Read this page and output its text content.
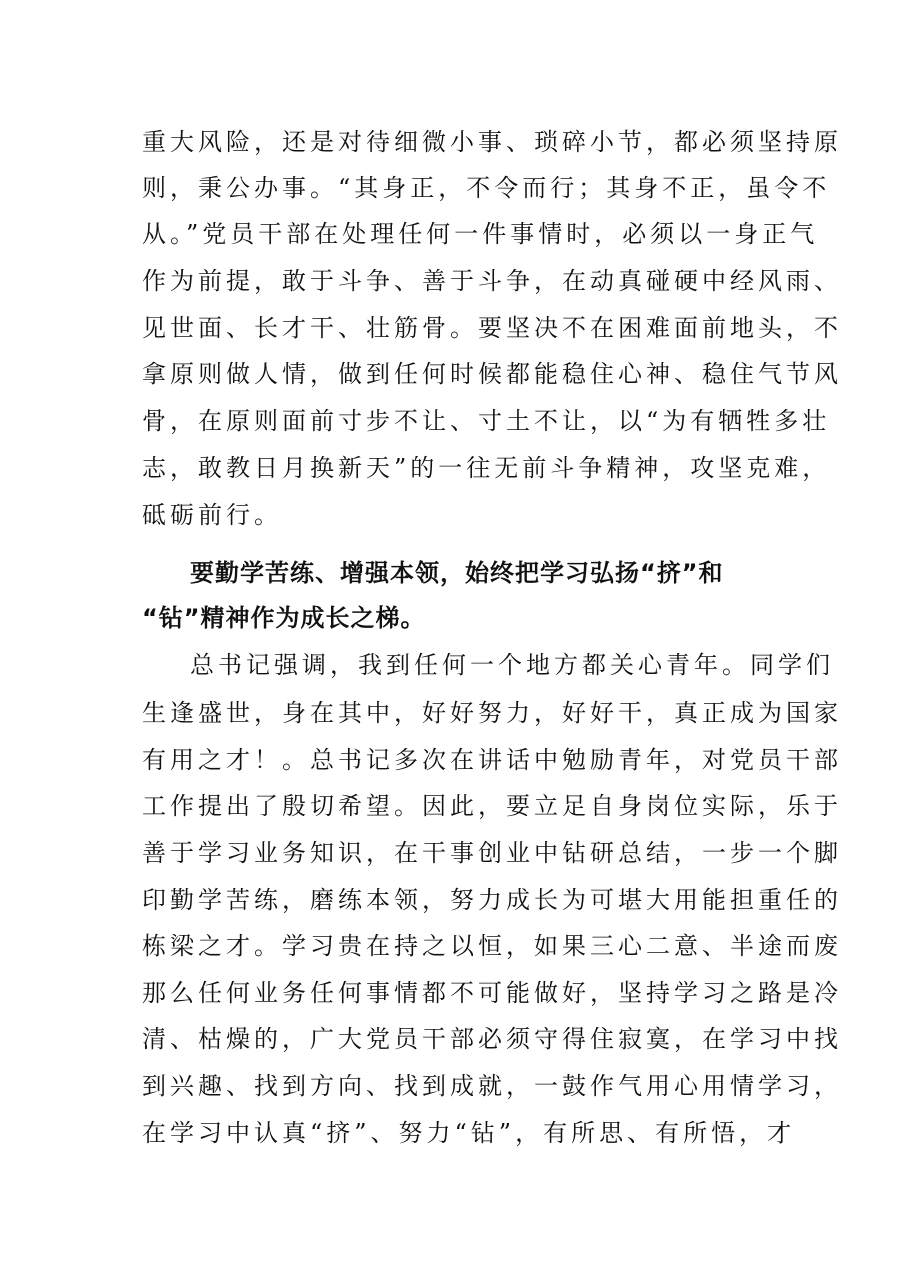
重大风险，还是对待细微小事、琐碎小节，都必须坚持原
则，秉公办事。“其身正，不令而行；其身不正，虽令不
从。”党员干部在处理任何一件事情时，必须以一身正气
作为前提，敢于斗争、善于斗争，在动真碰硬中经风雨、
见世面、长才干、壮筋骨。要坚决不在困难面前地头，不
拿原则做人情，做到任何时候都能稳住心神、稳住气节风
骨，在原则面前寸步不让、寸土不让，以“为有牺牲多壮
志，敢教日月换新天”的一往无前斗争精神，攻坚克难，
砥砺前行。
要勤学苦练、增强本领，始终把学习弘扬“挤”和
“钻”精神作为成长之梯。
总书记强调，我到任何一个地方都关心青年。同学们
生逢盛世，身在其中，好好努力，好好干，真正成为国家
有用之才！。总书记多次在讲话中勉励青年，对党员干部
工作提出了殷切希望。因此，要立足自身岗位实际，乐于
善于学习业务知识，在干事创业中钻研总结，一步一个脚
印勤学苦练，磨练本领，努力成长为可堪大用能担重任的
栋梁之才。学习贵在持之以恒，如果三心二意、半途而废
那么任何业务任何事情都不可能做好，坚持学习之路是冷
清、枯燥的，广大党员干部必须守得住寂寞，在学习中找
到兴趣、找到方向、找到成就，一鼓作气用心用情学习，
在学习中认真“挤”、努力“钻”，有所思、有所悟，才
